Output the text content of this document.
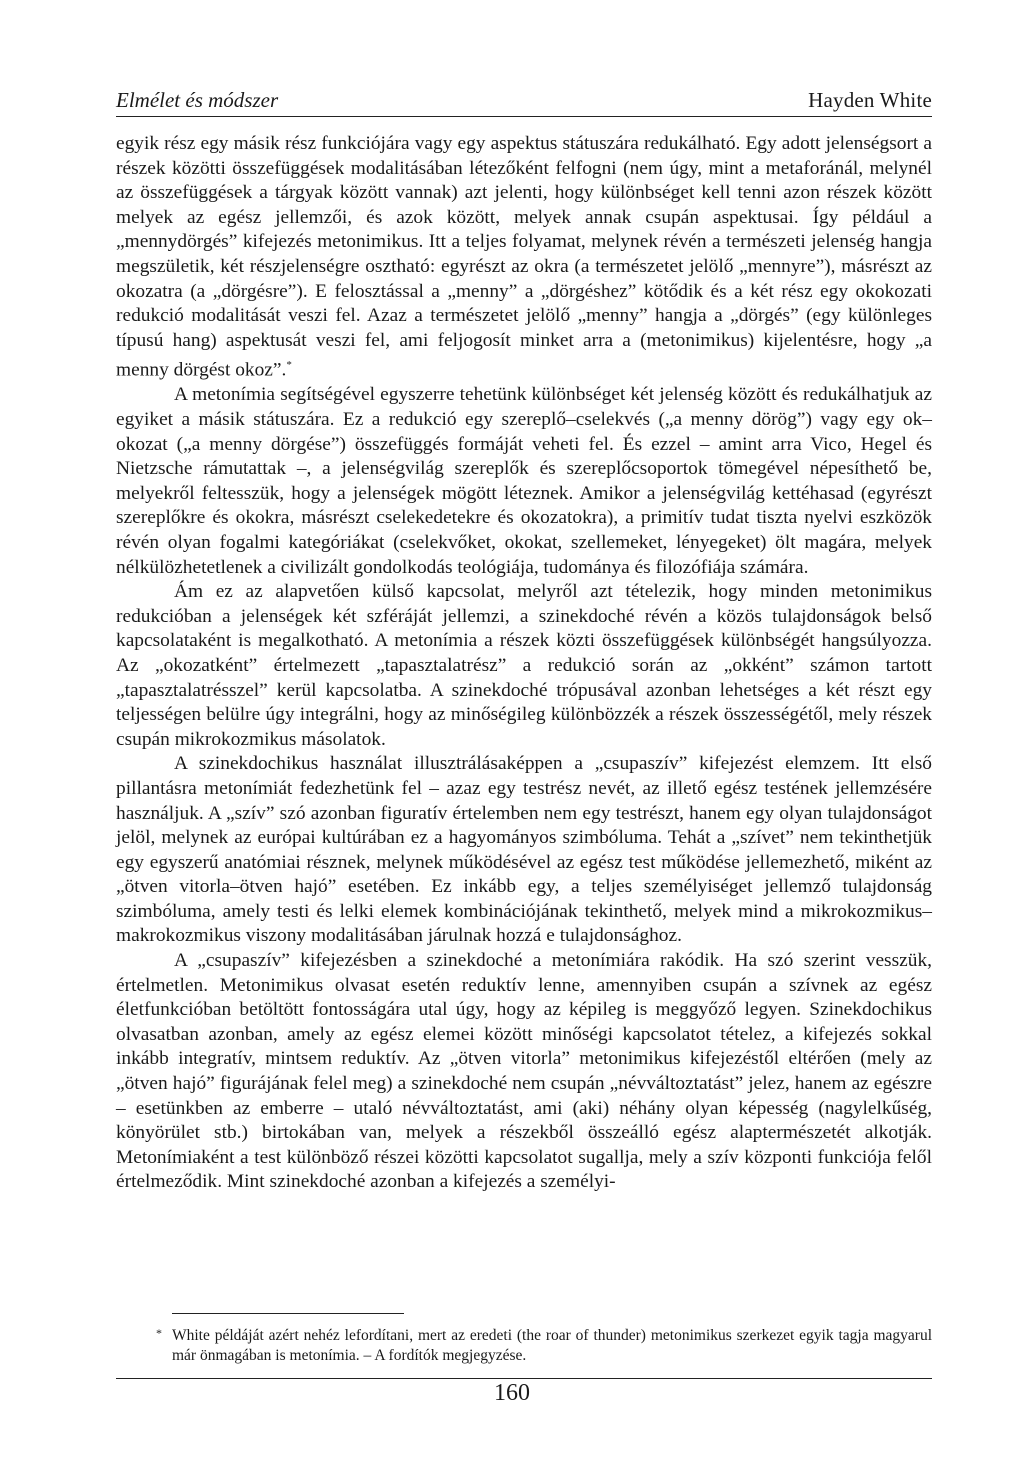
Elmélet és módszer	Hayden White

egyik rész egy másik rész funkciójára vagy egy aspektus státuszára redukálható. Egy adott jelenségsort a részek közötti összefüggések modalitásában létezőként felfogni (nem úgy, mint a metaforánál, melynél az összefüggések a tárgyak között vannak) azt jelenti, hogy különbséget kell tenni azon részek között melyek az egész jellemzői, és azok között, melyek annak csupán aspektusai. Így például a „mennydörgés” kifejezés metonimikus. Itt a teljes folyamat, melynek révén a természeti jelenség hangja megszületik, két részjelenségre osztható: egyrészt az okra (a természetet jelölő „mennyre”), másrészt az okozatra (a „dörgésre”). E felosztással a „menny” a „dörgéshez” kötődik és a két rész egy okokozati redukció modalitását veszi fel. Azaz a természetet jelölő „menny” hangja a „dörgés” (egy különleges típusú hang) aspektusát veszi fel, ami feljogosít minket arra a (metonimikus) kijelentésre, hogy „a menny dörgést okoz”.*

A metonímia segítségével egyszerre tehetünk különbséget két jelenség között és redukálhatjuk az egyiket a másik státuszára. Ez a redukció egy szereplő–cselekvés („a menny dörög”) vagy egy ok–okozat („a menny dörgése”) összefüggés formáját veheti fel. És ezzel – amint arra Vico, Hegel és Nietzsche rámutattak –, a jelenségvilág szereplők és szereplőcsoportok tömegével népesíthető be, melyekről feltesszük, hogy a jelenségek mögött léteznek. Amikor a jelenségvilág kettéhasad (egyrészt szereplőkre és okokra, másrészt cselekedetekre és okozatokra), a primitív tudat tiszta nyelvi eszközök révén olyan fogalmi kategóriákat (cselekvőket, okokat, szellemeket, lényegeket) ölt magára, melyek nélkülözhetetlenek a civilizált gondolkodás teológiája, tudománya és filozófiája számára.

Ám ez az alapvetően külső kapcsolat, melyről azt tételezik, hogy minden metonimikus redukcióban a jelenségek két szféráját jellemzi, a szinekdoché révén a közös tulajdonságok belső kapcsolataként is megalkotható. A metonímia a részek közti összefüggések különbségét hangsúlyozza. Az „okozatként” értelmezett „tapasztalatrész” a redukció során az „okként” számon tartott „tapasztalatrésszel” kerül kapcsolatba. A szinekdoché trópusával azonban lehetséges a két részt egy teljességen belülre úgy integrálni, hogy az minőségileg különbözzék a részek összességétől, mely részek csupán mikrokozmikus másolatok.

A szinekdochikus használat illusztrálásaképpen a „csupaszív” kifejezést elemzem. Itt első pillantásra metonímiát fedezhetünk fel – azaz egy testrész nevét, az illető egész testének jellemzésére használjuk. A „szív” szó azonban figuratív értelemben nem egy testrészt, hanem egy olyan tulajdonságot jelöl, melynek az európai kultúrában ez a hagyományos szimbóluma. Tehát a „szívet” nem tekinthetjük egy egyszerű anatómiai résznek, melynek működésével az egész test működése jellemezhető, miként az „ötven vitorla–ötven hajó” esetében. Ez inkább egy, a teljes személyiséget jellemző tulajdonság szimbóluma, amely testi és lelki elemek kombinációjának tekinthető, melyek mind a mikrokozmikus–makrokozmikus viszony modalitásában járulnak hozzá e tulajdonsághoz.

A „csupaszív” kifejezésben a szinekdoché a metonímiára rakódik. Ha szó szerint vesszük, értelmetlen. Metonimikus olvasat esetén reduktív lenne, amennyiben csupán a szívnek az egész életfunkcióban betöltött fontosságára utal úgy, hogy az képileg is meggyőző legyen. Szinekdochikus olvasatban azonban, amely az egész elemei között minőségi kapcsolatot tételez, a kifejezés sokkal inkább integratív, mintsem reduktív. Az „ötven vitorla” metonimikus kifejezéstől eltérően (mely az „ötven hajó” figurájának felel meg) a szinekdoché nem csupán „névváltoztatást” jelez, hanem az egészre – esetünkben az emberre – utaló névváltoztatást, ami (aki) néhány olyan képesség (nagylelkűség, könyörület stb.) birtokában van, melyek a részekből összeálló egész alaptermészetét alkotják. Metonímiaként a test különböző részei közötti kapcsolatot sugallja, mely a szív központi funkciója felől értelmeződik. Mint szinekdoché azonban a kifejezés a személyi-

* White példáját azért nehéz lefordítani, mert az eredeti (the roar of thunder) metonimikus szerkezet egyik tagja magyarul már önmagában is metonímia. – A fordítók megjegyzése.
160
